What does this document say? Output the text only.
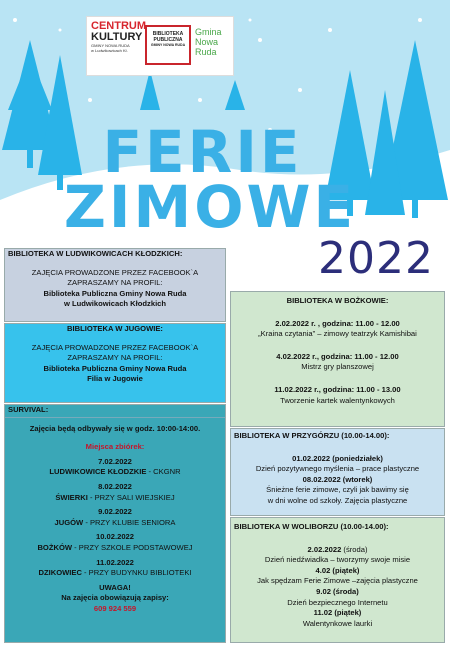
CENTRUM
KULTURY
GMINY NOWA RUDA
w Ludwikowicach Kł.
BIBLIOTEKA
PUBLICZNA
GMINY NOWA RUDA
Gmina
Nowa
Ruda
FERIE
ZIMOWE
2022
BIBLIOTEKA W LUDWIKOWICACH KŁODZKICH:
ZAJĘCIA PROWADZONE PRZEZ FACEBOOK`A
ZAPRASZAMY NA PROFIL:
Biblioteka Publiczna Gminy Nowa Ruda
w Ludwikowicach Kłodzkich
BIBLIOTEKA W JUGOWIE:
ZAJĘCIA PROWADZONE PRZEZ FACEBOOK`A
ZAPRASZAMY NA PROFIL:
Biblioteka Publiczna Gminy Nowa Ruda
Filia w Jugowie
SURVIVAL:
Zajęcia będą odbywały się w godz. 10:00-14:00.
Miejsca zbiórek:
7.02.2022
LUDWIKOWICE KŁODZKIE - CKGNR
8.02.2022
ŚWIERKI - PRZY SALI WIEJSKIEJ
9.02.2022
JUGÓW - PRZY KLUBIE SENIORA
10.02.2022
BOŻKÓW - PRZY SZKOLE PODSTAWOWEJ
11.02.2022
DZIKOWIEC - PRZY BUDYNKU BIBLIOTEKI
UWAGA!
Na zajęcia obowiązują zapisy:
609 924 559
BIBLIOTEKA W BOŻKOWIE:
2.02.2022 r. , godzina: 11.00 - 12.00
„Kraina czytania” – zimowy teatrzyk Kamishibai
4.02.2022 r., godzina: 11.00 - 12.00
Mistrz gry planszowej
11.02.2022 r., godzina: 11.00 - 13.00
Tworzenie kartek walentynkowych
BIBLIOTEKA W PRZYGÓRZU (10.00-14.00):
01.02.2022 (poniedziałek)
Dzień pozytywnego myślenia – prace plastyczne
08.02.2022 (wtorek)
Śnieżne ferie zimowe, czyli jak bawimy się
w dni wolne od szkoły. Zajęcia plastyczne
BIBLIOTEKA W WOLIBORZU (10.00-14.00):
2.02.2022 (środa)
Dzień niedźwiadka – tworzymy swoje misie
4.02 (piątek)
Jak spędzam Ferie Zimowe –zajęcia plastyczne
9.02 (środa)
Dzień bezpiecznego Internetu
11.02 (piątek)
Walentynkowe laurki
